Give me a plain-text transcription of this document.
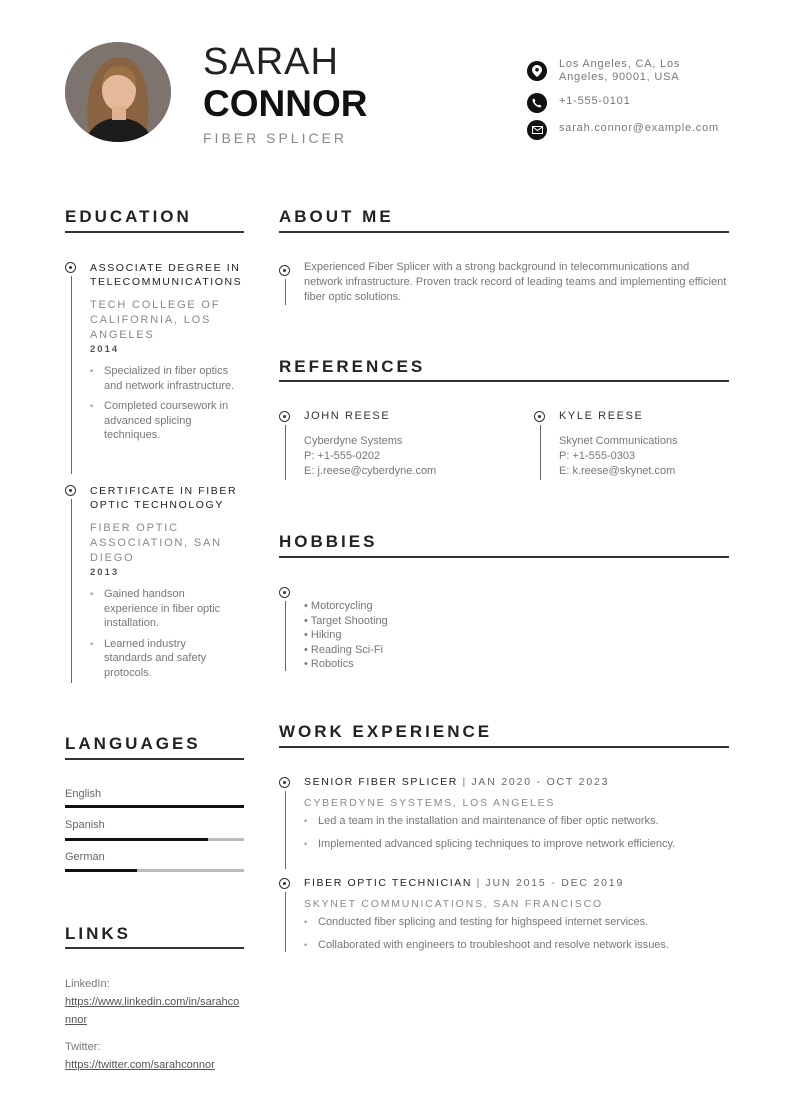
SARAH
CONNOR
FIBER SPLICER
Los Angeles, CA, Los
Angeles, 90001, USA
+1-555-0101
sarah.connor@example.com
EDUCATION
ASSOCIATE DEGREE IN
TELECOMMUNICATIONS
TECH COLLEGE OF
CALIFORNIA, LOS
ANGELES
2014
• Specialized in fiber optics and network infrastructure.
• Completed coursework in advanced splicing techniques.
CERTIFICATE IN FIBER
OPTIC TECHNOLOGY
FIBER OPTIC
ASSOCIATION, SAN
DIEGO
2013
• Gained handson experience in fiber optic installation.
• Learned industry standards and safety protocols.
LANGUAGES
English
Spanish
German
LINKS
LinkedIn:
https://www.linkedin.com/in/sarahconnor
Twitter:
https://twitter.com/sarahconnor
ABOUT ME
Experienced Fiber Splicer with a strong background in telecommunications and network infrastructure. Proven track record of leading teams and implementing efficient fiber optic solutions.
REFERENCES
JOHN REESE
Cyberdyne Systems
P: +1-555-0202
E: j.reese@cyberdyne.com
KYLE REESE
Skynet Communications
P: +1-555-0303
E: k.reese@skynet.com
HOBBIES
• Motorcycling
• Target Shooting
• Hiking
• Reading Sci-Fi
• Robotics
WORK EXPERIENCE
SENIOR FIBER SPLICER | JAN 2020 - OCT 2023
CYBERDYNE SYSTEMS, LOS ANGELES
• Led a team in the installation and maintenance of fiber optic networks.
• Implemented advanced splicing techniques to improve network efficiency.
FIBER OPTIC TECHNICIAN | JUN 2015 - DEC 2019
SKYNET COMMUNICATIONS, SAN FRANCISCO
• Conducted fiber splicing and testing for highspeed internet services.
• Collaborated with engineers to troubleshoot and resolve network issues.
